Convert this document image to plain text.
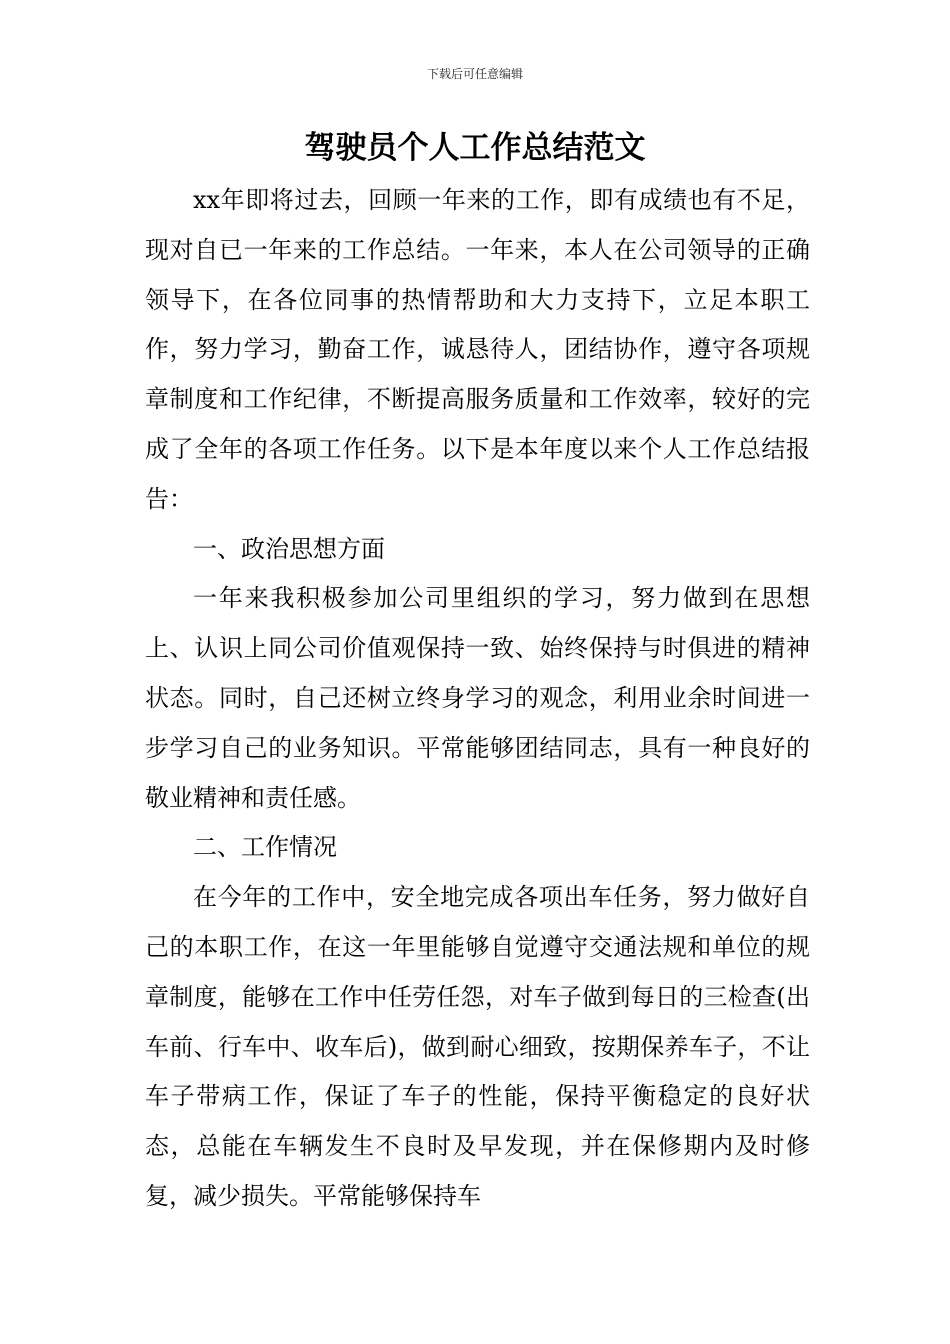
下载后可任意编辑
驾驶员个人工作总结范文

xx年即将过去，回顾一年来的工作，即有成绩也有不足，现对自已一年来的工作总结。一年来，本人在公司领导的正确领导下，在各位同事的热情帮助和大力支持下，立足本职工作，努力学习，勤奋工作，诚恳待人，团结协作，遵守各项规章制度和工作纪律，不断提高服务质量和工作效率，较好的完成了全年的各项工作任务。以下是本年度以来个人工作总结报告：

一、政治思想方面

一年来我积极参加公司里组织的学习，努力做到在思想上、认识上同公司价值观保持一致、始终保持与时俱进的精神状态。同时，自己还树立终身学习的观念，利用业余时间进一步学习自己的业务知识。平常能够团结同志，具有一种良好的敬业精神和责任感。

二、工作情况

在今年的工作中，安全地完成各项出车任务，努力做好自己的本职工作，在这一年里能够自觉遵守交通法规和单位的规章制度，能够在工作中任劳任怨，对车子做到每日的三检查(出车前、行车中、收车后)，做到耐心细致，按期保养车子，不让车子带病工作，保证了车子的性能，保持平衡稳定的良好状态，总能在车辆发生不良时及早发现，并在保修期内及时修复，减少损失。平常能够保持车
